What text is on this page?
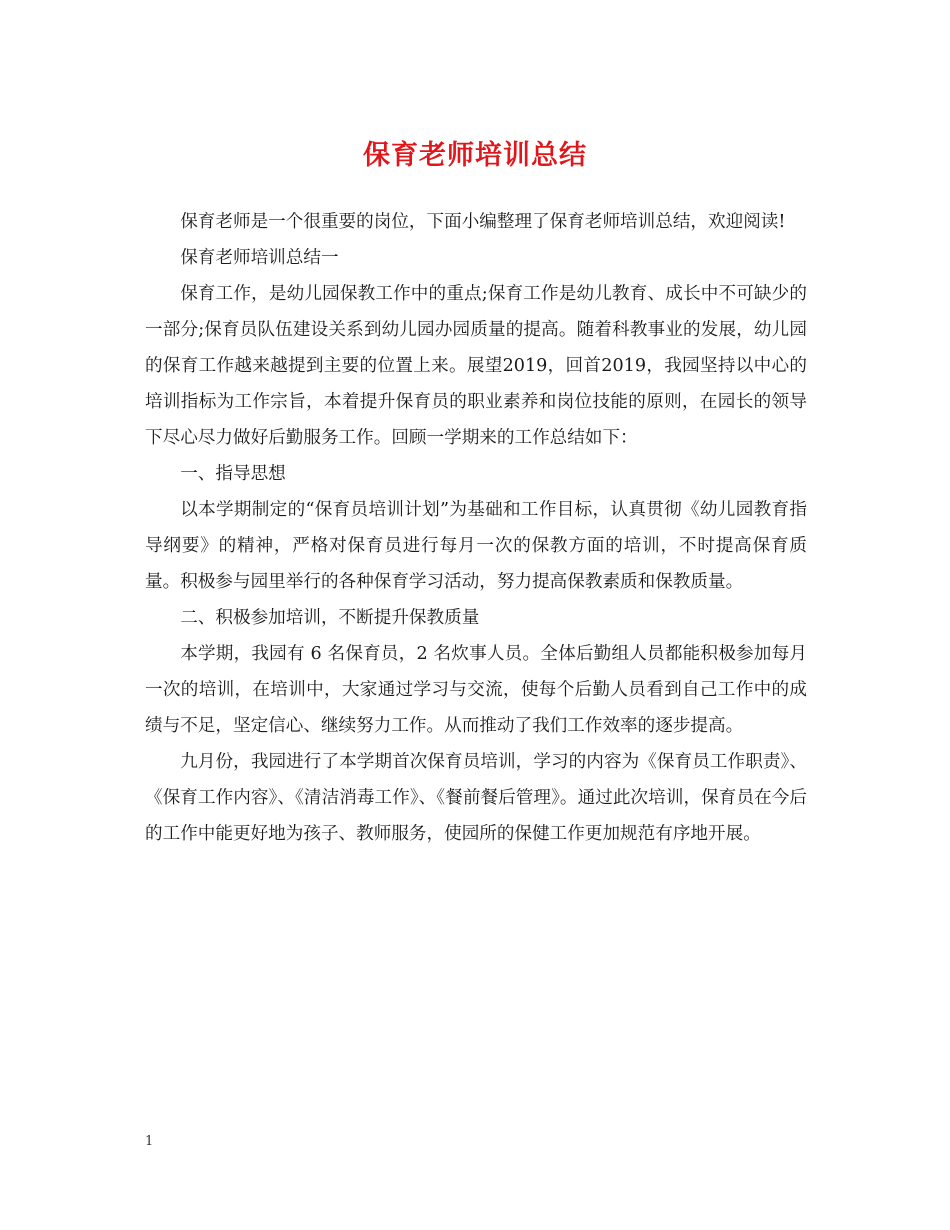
保育老师培训总结

保育老师是一个很重要的岗位，下面小编整理了保育老师培训总结，欢迎阅读!

保育老师培训总结一

保育工作，是幼儿园保教工作中的重点;保育工作是幼儿教育、成长中不可缺少的一部分;保育员队伍建设关系到幼儿园办园质量的提高。随着科教事业的发展，幼儿园的保育工作越来越提到主要的位置上来。展望2019，回首2019，我园坚持以中心的培训指标为工作宗旨，本着提升保育员的职业素养和岗位技能的原则，在园长的领导下尽心尽力做好后勤服务工作。回顾一学期来的工作总结如下：

一、指导思想

以本学期制定的“保育员培训计划”为基础和工作目标，认真贯彻《幼儿园教育指导纲要》的精神，严格对保育员进行每月一次的保教方面的培训，不时提高保育质量。积极参与园里举行的各种保育学习活动，努力提高保教素质和保教质量。

二、积极参加培训，不断提升保教质量

本学期，我园有 6 名保育员，2 名炊事人员。全体后勤组人员都能积极参加每月一次的培训，在培训中，大家通过学习与交流，使每个后勤人员看到自己工作中的成绩与不足，坚定信心、继续努力工作。从而推动了我们工作效率的逐步提高。

九月份，我园进行了本学期首次保育员培训，学习的内容为《保育员工作职责》、《保育工作内容》、《清洁消毒工作》、《餐前餐后管理》。通过此次培训，保育员在今后的工作中能更好地为孩子、教师服务，使园所的保健工作更加规范有序地开展。

1
